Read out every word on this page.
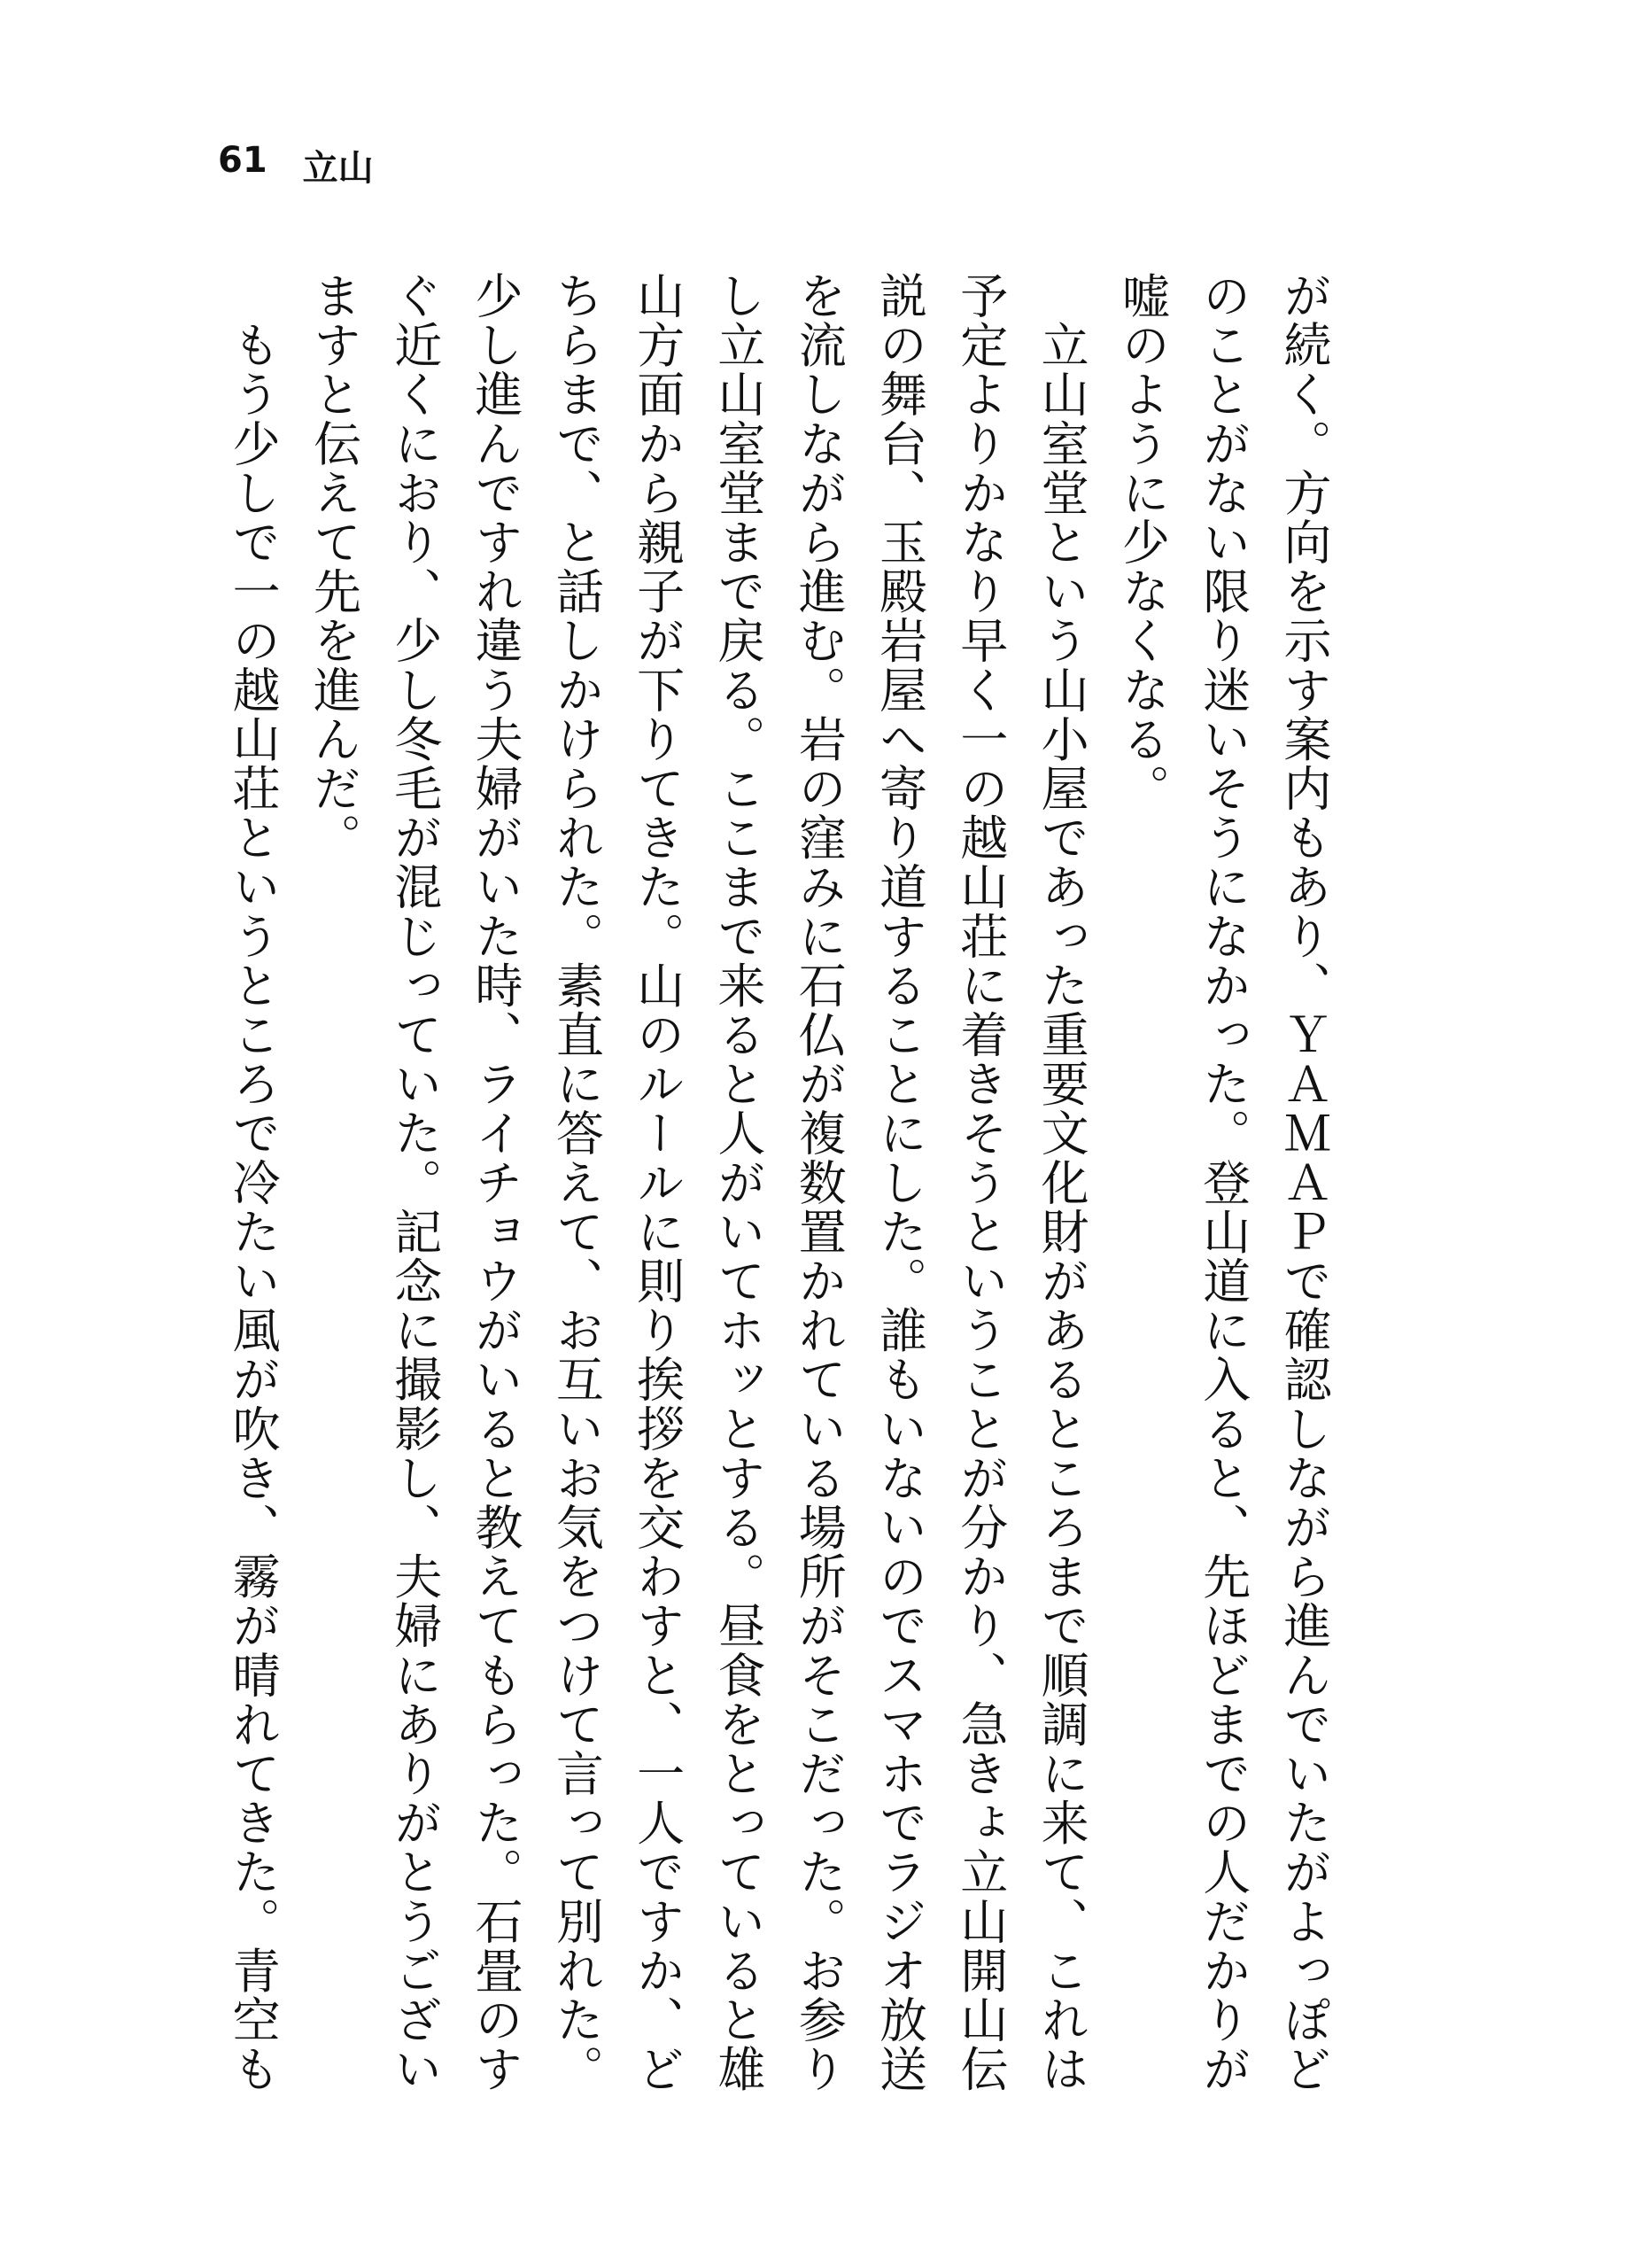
61 立山
が続く。方向を示す案内もあり、ＹＡＭＡＰで確認しながら進んでいたがよっぽど
のことがない限り迷いそうになかった。登山道に入ると、先ほどまでの人だかりが
嘘のように少なくなる。
　立山室堂という山小屋であった重要文化財があるところまで順調に来て、これは
予定よりかなり早く一の越山荘に着きそうということが分かり、急きょ立山開山伝
説の舞台、玉殿岩屋へ寄り道することにした。誰もいないのでスマホでラジオ放送
を流しながら進む。岩の窪みに石仏が複数置かれている場所がそこだった。お参り
し立山室堂まで戻る。ここまで来ると人がいてホッとする。昼食をとっていると雄
山方面から親子が下りてきた。山のルールに則り挨拶を交わすと、一人ですか、ど
ちらまで、と話しかけられた。素直に答えて、お互いお気をつけて言って別れた。
少し進んですれ違う夫婦がいた時、ライチョウがいると教えてもらった。石畳のす
ぐ近くにおり、少し冬毛が混じっていた。記念に撮影し、夫婦にありがとうござい
ますと伝えて先を進んだ。
　もう少しで一の越山荘というところで冷たい風が吹き、霧が晴れてきた。青空も
